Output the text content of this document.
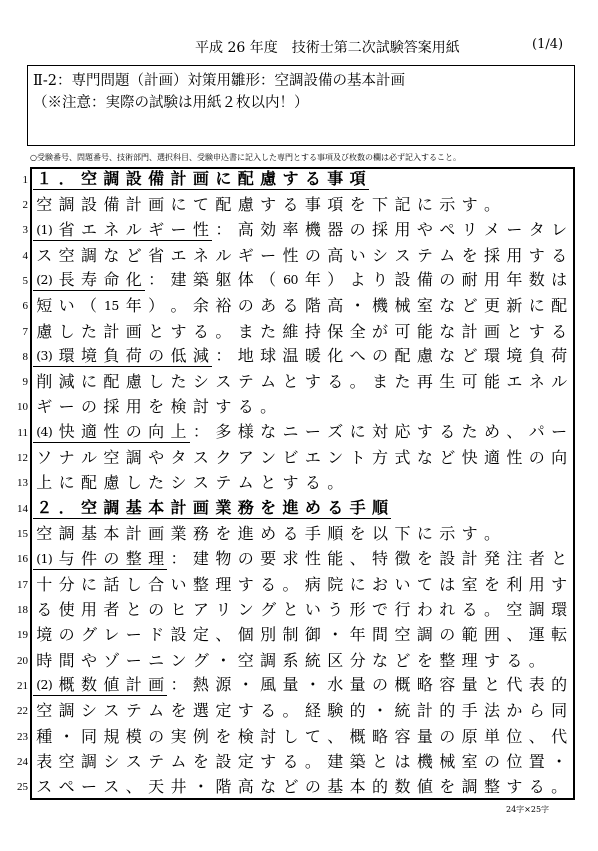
平成 26 年度　技術士第二次試験答案用紙	(1/4)
Ⅱ-2：専門問題（計画）対策用雛形：空調設備の基本計画
（※注意：実際の試験は用紙２枚以内！）
○受験番号、問題番号、技術部門、選択科目、受験申込書に記入した専門とする事項及び枚数の欄は必ず記入すること。
1 １ ． 空 調 設 備 計 画 に 配 慮 す る 事 項
2 空 調 設 備 計 画 に て 配 慮 す る 事 項 を 下 記 に 示 す 。
3 (1) 省 エ ネ ル ギ ー 性 ： 高 効 率 機 器 の 採 用 や ペ リ メ ー タ レ
4 ス 空 調 な ど 省 エ ネ ル ギ ー 性 の 高 い シ ス テ ム を 採 用 す る
5 (2) 長 寿 命 化 ： 建 築 躯 体 （ 60 年 ） よ り 設 備 の 耐 用 年 数 は
6 短 い （ 15 年 ） 。 余 裕 の あ る 階 高 ・ 機 械 室 な ど 更 新 に 配
7 慮 し た 計 画 と す る 。 ま た 維 持 保 全 が 可 能 な 計 画 と す る
8 (3) 環 境 負 荷 の 低 減 ： 地 球 温 暖 化 へ の 配 慮 な ど 環 境 負 荷
9 削 減 に 配 慮 し た シ ス テ ム と す る 。 ま た 再 生 可 能 エ ネ ル
10 ギ ー の 採 用 を 検 討 す る 。
11 (4) 快 適 性 の 向 上 ： 多 様 な ニ ー ズ に 対 応 す る た め 、 パ ー
12 ソ ナ ル 空 調 や タ ス ク ア ン ビ エ ン ト 方 式 な ど 快 適 性 の 向
13 上 に 配 慮 し た シ ス テ ム と す る 。
14 ２ ． 空 調 基 本 計 画 業 務 を 進 め る 手 順
15 空 調 基 本 計 画 業 務 を 進 め る 手 順 を 以 下 に 示 す 。
16 (1) 与 件 の 整 理 ： 建 物 の 要 求 性 能 、 特 徴 を 設 計 発 注 者 と
17 十 分 に 話 し 合 い 整 理 す る 。 病 院 に お い て は 室 を 利 用 す
18 る 使 用 者 と の ヒ ア リ ン グ と い う 形 で 行 わ れ る 。 空 調 環
19 境 の グ レ ー ド 設 定 、 個 別 制 御 ・ 年 間 空 調 の 範 囲 、 運 転
20 時 間 や ゾ ー ニ ン グ ・ 空 調 系 統 区 分 な ど を 整 理 す る 。
21 (2) 概 数 値 計 画 ： 熱 源 ・ 風 量 ・ 水 量 の 概 略 容 量 と 代 表 的
22 空 調 シ ス テ ム を 選 定 す る 。 経 験 的 ・ 統 計 的 手 法 か ら 同
23 種 ・ 同 規 模 の 実 例 を 検 討 し て 、 概 略 容 量 の 原 単 位 、 代
24 表 空 調 シ ス テ ム を 設 定 す る 。 建 築 と は 機 械 室 の 位 置 ・
25 ス ペ ー ス 、 天 井 ・ 階 高 な ど の 基 本 的 数 値 を 調 整 す る 。
24字×25字
